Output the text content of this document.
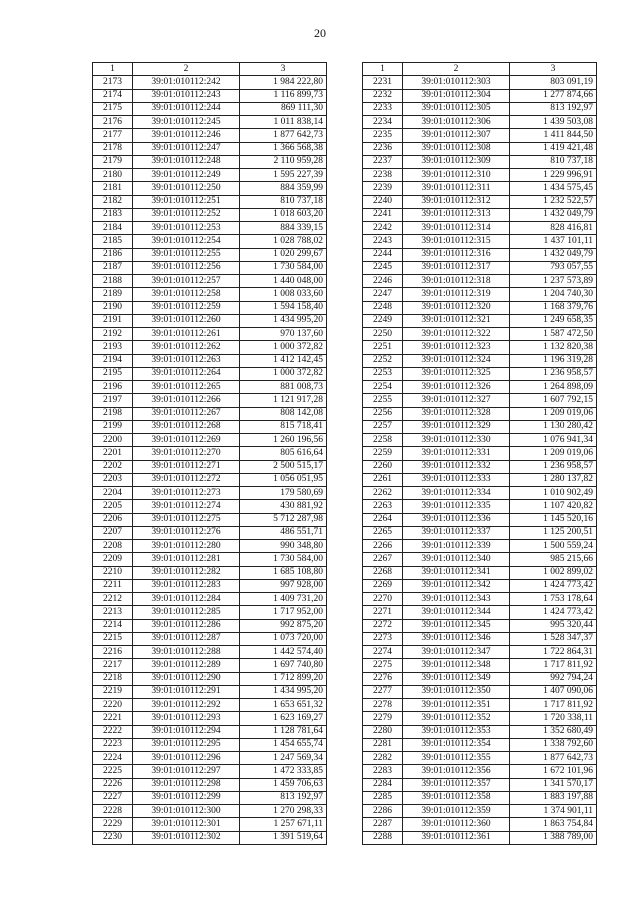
20
1	2	3
2173	39:01:010112:242	1 984 222,80
2174	39:01:010112:243	1 116 899,73
2175	39:01:010112:244	869 111,30
2176	39:01:010112:245	1 011 838,14
2177	39:01:010112:246	1 877 642,73
2178	39:01:010112:247	1 366 568,38
2179	39:01:010112:248	2 110 959,28
2180	39:01:010112:249	1 595 227,39
2181	39:01:010112:250	884 359,99
2182	39:01:010112:251	810 737,18
2183	39:01:010112:252	1 018 603,20
2184	39:01:010112:253	884 339,15
2185	39:01:010112:254	1 028 788,02
2186	39:01:010112:255	1 020 299,67
2187	39:01:010112:256	1 730 584,00
2188	39:01:010112:257	1 440 048,00
2189	39:01:010112:258	1 008 033,60
2190	39:01:010112:259	1 594 158,40
2191	39:01:010112:260	1 434 995,20
2192	39:01:010112:261	970 137,60
2193	39:01:010112:262	1 000 372,82
2194	39:01:010112:263	1 412 142,45
2195	39:01:010112:264	1 000 372,82
2196	39:01:010112:265	881 008,73
2197	39:01:010112:266	1 121 917,28
2198	39:01:010112:267	808 142,08
2199	39:01:010112:268	815 718,41
2200	39:01:010112:269	1 260 196,56
2201	39:01:010112:270	805 616,64
2202	39:01:010112:271	2 500 515,17
2203	39:01:010112:272	1 056 051,95
2204	39:01:010112:273	179 580,69
2205	39:01:010112:274	430 881,92
2206	39:01:010112:275	5 712 287,98
2207	39:01:010112:276	486 551,71
2208	39:01:010112:280	990 348,80
2209	39:01:010112:281	1 730 584,00
2210	39:01:010112:282	1 685 108,80
2211	39:01:010112:283	997 928,00
2212	39:01:010112:284	1 409 731,20
2213	39:01:010112:285	1 717 952,00
2214	39:01:010112:286	992 875,20
2215	39:01:010112:287	1 073 720,00
2216	39:01:010112:288	1 442 574,40
2217	39:01:010112:289	1 697 740,80
2218	39:01:010112:290	1 712 899,20
2219	39:01:010112:291	1 434 995,20
2220	39:01:010112:292	1 653 651,32
2221	39:01:010112:293	1 623 169,27
2222	39:01:010112:294	1 128 781,64
2223	39:01:010112:295	1 454 655,74
2224	39:01:010112:296	1 247 569,34
2225	39:01:010112:297	1 472 333,85
2226	39:01:010112:298	1 459 706,63
2227	39:01:010112:299	813 192,97
2228	39:01:010112:300	1 270 298,33
2229	39:01:010112:301	1 257 671,11
2230	39:01:010112:302	1 391 519,64
1	2	3
2231	39:01:010112:303	803 091,19
2232	39:01:010112:304	1 277 874,66
2233	39:01:010112:305	813 192,97
2234	39:01:010112:306	1 439 503,08
2235	39:01:010112:307	1 411 844,50
2236	39:01:010112:308	1 419 421,48
2237	39:01:010112:309	810 737,18
2238	39:01:010112:310	1 229 996,91
2239	39:01:010112:311	1 434 575,45
2240	39:01:010112:312	1 232 522,57
2241	39:01:010112:313	1 432 049,79
2242	39:01:010112:314	828 416,81
2243	39:01:010112:315	1 437 101,11
2244	39:01:010112:316	1 432 049,79
2245	39:01:010112:317	793 057,55
2246	39:01:010112:318	1 237 573,89
2247	39:01:010112:319	1 204 740,30
2248	39:01:010112:320	1 168 379,76
2249	39:01:010112:321	1 249 658,35
2250	39:01:010112:322	1 587 472,50
2251	39:01:010112:323	1 132 820,38
2252	39:01:010112:324	1 196 319,28
2253	39:01:010112:325	1 236 958,57
2254	39:01:010112:326	1 264 898,09
2255	39:01:010112:327	1 607 792,15
2256	39:01:010112:328	1 209 019,06
2257	39:01:010112:329	1 130 280,42
2258	39:01:010112:330	1 076 941,34
2259	39:01:010112:331	1 209 019,06
2260	39:01:010112:332	1 236 958,57
2261	39:01:010112:333	1 280 137,82
2262	39:01:010112:334	1 010 902,49
2263	39:01:010112:335	1 107 420,82
2264	39:01:010112:336	1 145 520,16
2265	39:01:010112:337	1 125 200,51
2266	39:01:010112:339	1 500 559,24
2267	39:01:010112:340	985 215,66
2268	39:01:010112:341	1 002 899,02
2269	39:01:010112:342	1 424 773,42
2270	39:01:010112:343	1 753 178,64
2271	39:01:010112:344	1 424 773,42
2272	39:01:010112:345	995 320,44
2273	39:01:010112:346	1 528 347,37
2274	39:01:010112:347	1 722 864,31
2275	39:01:010112:348	1 717 811,92
2276	39:01:010112:349	992 794,24
2277	39:01:010112:350	1 407 090,06
2278	39:01:010112:351	1 717 811,92
2279	39:01:010112:352	1 720 338,11
2280	39:01:010112:353	1 352 680,49
2281	39:01:010112:354	1 338 792,60
2282	39:01:010112:355	1 877 642,73
2283	39:01:010112:356	1 672 101,96
2284	39:01:010112:357	1 341 570,17
2285	39:01:010112:358	1 883 197,88
2286	39:01:010112:359	1 374 901,11
2287	39:01:010112:360	1 863 754,84
2288	39:01:010112:361	1 388 789,00
